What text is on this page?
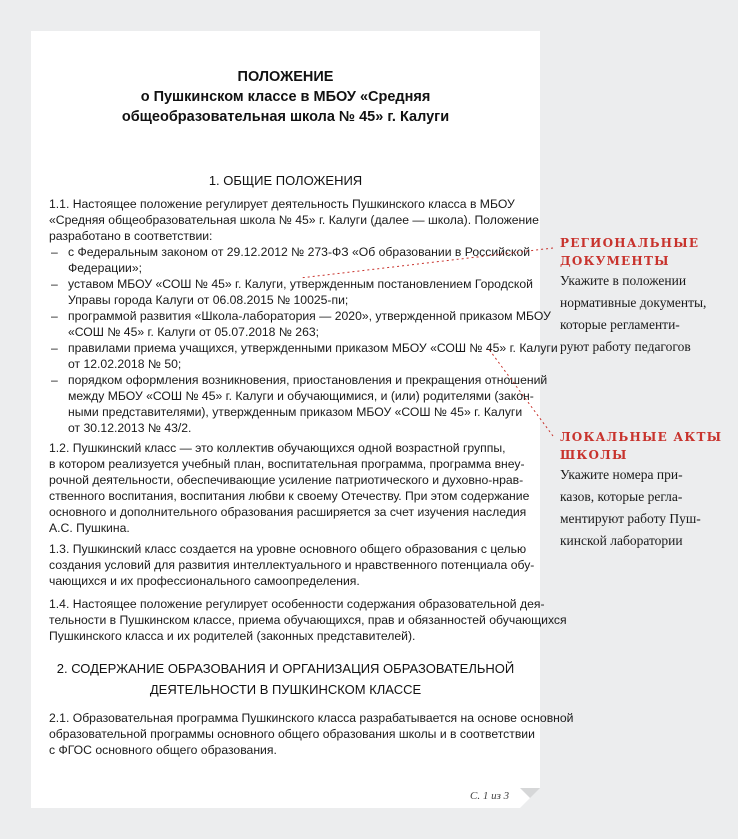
ПОЛОЖЕНИЕ
о Пушкинском классе в МБОУ «Средняя
общеобразовательная школа № 45» г. Калуги
1. ОБЩИЕ ПОЛОЖЕНИЯ
1.1. Настоящее положение регулирует деятельность Пушкинского класса в МБОУ
«Средняя общеобразовательная школа № 45» г. Калуги (далее — школа). Положение
разработано в соответствии:
– с Федеральным законом от 29.12.2012 № 273-ФЗ «Об образовании в Российской
Федерации»;
– уставом МБОУ «СОШ № 45» г. Калуги, утвержденным постановлением Городской
Управы города Калуги от 06.08.2015 № 10025-пи;
– программой развития «Школа-лаборатория — 2020», утвержденной приказом МБОУ
«СОШ № 45» г. Калуги от 05.07.2018 № 263;
– правилами приема учащихся, утвержденными приказом МБОУ «СОШ № 45» г. Калуги
от 12.02.2018 № 50;
– порядком оформления возникновения, приостановления и прекращения отношений
между МБОУ «СОШ № 45» г. Калуги и обучающимися, и (или) родителями (закон-
ными представителями), утвержденным приказом МБОУ «СОШ № 45» г. Калуги
от 30.12.2013 № 43/2.
1.2. Пушкинский класс — это коллектив обучающихся одной возрастной группы,
в котором реализуется учебный план, воспитательная программа, программа внеу-
рочной деятельности, обеспечивающие усиление патриотического и духовно-нрав-
ственного воспитания, воспитания любви к своему Отечеству. При этом содержание
основного и дополнительного образования расширяется за счет изучения наследия
А.С. Пушкина.
1.3. Пушкинский класс создается на уровне основного общего образования с целью
создания условий для развития интеллектуального и нравственного потенциала обу-
чающихся и их профессионального самоопределения.
1.4. Настоящее положение регулирует особенности содержания образовательной дея-
тельности в Пушкинском классе, приема обучающихся, прав и обязанностей обучающихся
Пушкинского класса и их родителей (законных представителей).
2. СОДЕРЖАНИЕ ОБРАЗОВАНИЯ И ОРГАНИЗАЦИЯ ОБРАЗОВАТЕЛЬНОЙ
ДЕЯТЕЛЬНОСТИ В ПУШКИНСКОМ КЛАССЕ
2.1. Образовательная программа Пушкинского класса разрабатывается на основе основной
образовательной программы основного общего образования школы и в соответствии
с ФГОС основного общего образования.
С. 1 из 3
РЕГИОНАЛЬНЫЕ
ДОКУМЕНТЫ
Укажите в положении
нормативные документы,
которые регламенти-
руют работу педагогов
ЛОКАЛЬНЫЕ АКТЫ
ШКОЛЫ
Укажите номера при-
казов, которые регла-
ментируют работу Пуш-
кинской лаборатории
